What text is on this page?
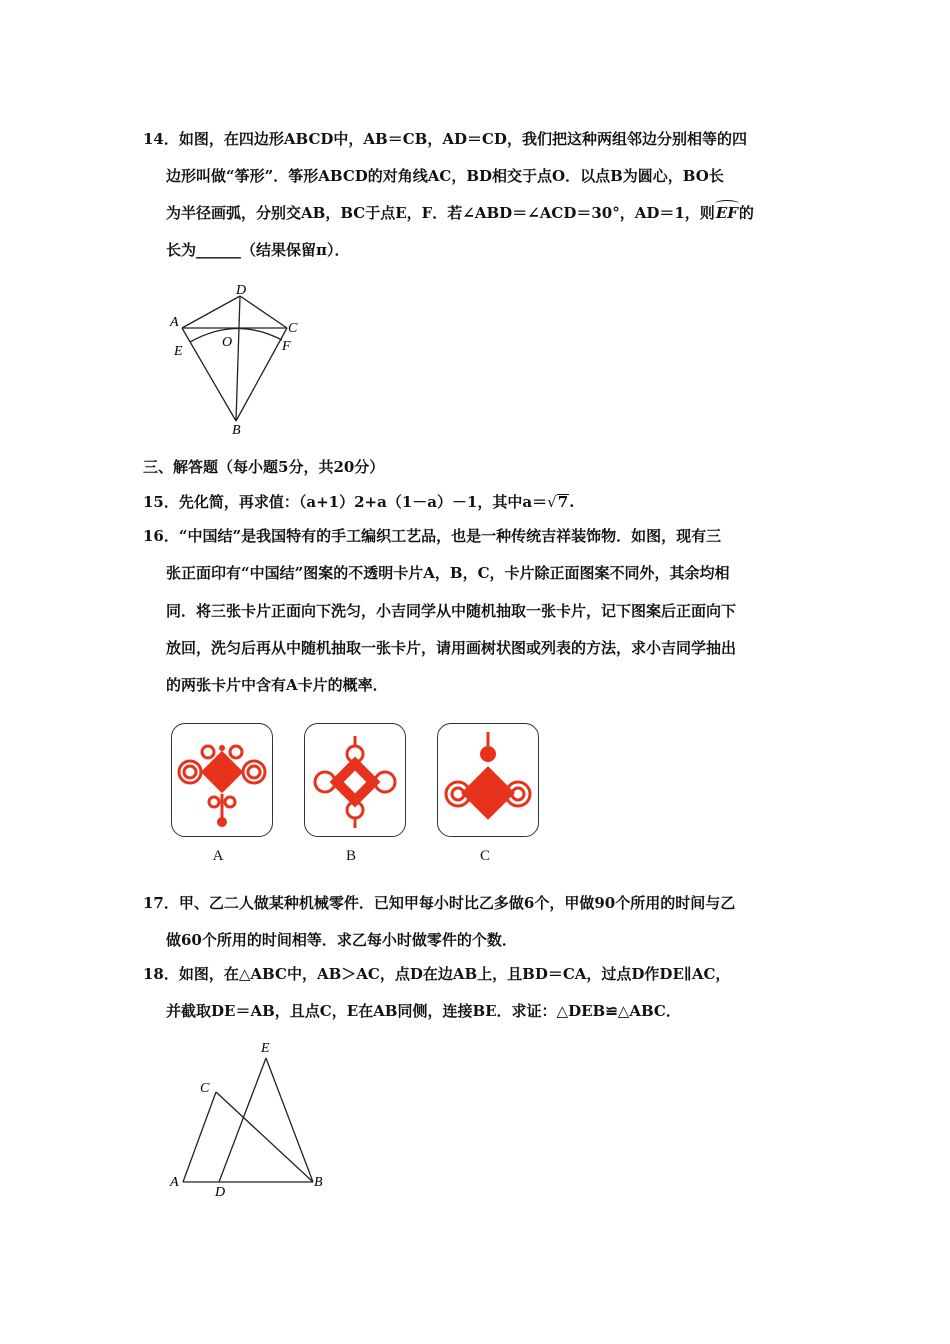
14．如图，在四边形ABCD中，AB＝CB，AD＝CD，我们把这种两组邻边分别相等的四
边形叫做“筝形”．筝形ABCD的对角线AC，BD相交于点O．以点B为圆心，BO长
为半径画弧，分别交AB，BC于点E，F．若∠ABD＝∠ACD＝30°，AD＝1，则EF的
长为______（结果保留π）．
D
A	C
O
E	F
B
三、解答题（每小题5分，共20分）
15．先化简，再求值：（a+1）2+a（1－a）－1，其中a＝√7.
16．“中国结”是我国特有的手工编织工艺品，也是一种传统吉祥装饰物．如图，现有三
张正面印有“中国结”图案的不透明卡片A，B，C，卡片除正面图案不同外，其余均相
同．将三张卡片正面向下洗匀，小吉同学从中随机抽取一张卡片，记下图案后正面向下
放回，洗匀后再从中随机抽取一张卡片，请用画树状图或列表的方法，求小吉同学抽出
的两张卡片中含有A卡片的概率．
A	B	C
17．甲、乙二人做某种机械零件．已知甲每小时比乙多做6个，甲做90个所用的时间与乙
做60个所用的时间相等．求乙每小时做零件的个数．
18．如图，在△ABC中，AB＞AC，点D在边AB上，且BD＝CA，过点D作DE∥AC，
并截取DE＝AB，且点C，E在AB同侧，连接BE．求证：△DEB≌△ABC．
E
C
A
D
B
